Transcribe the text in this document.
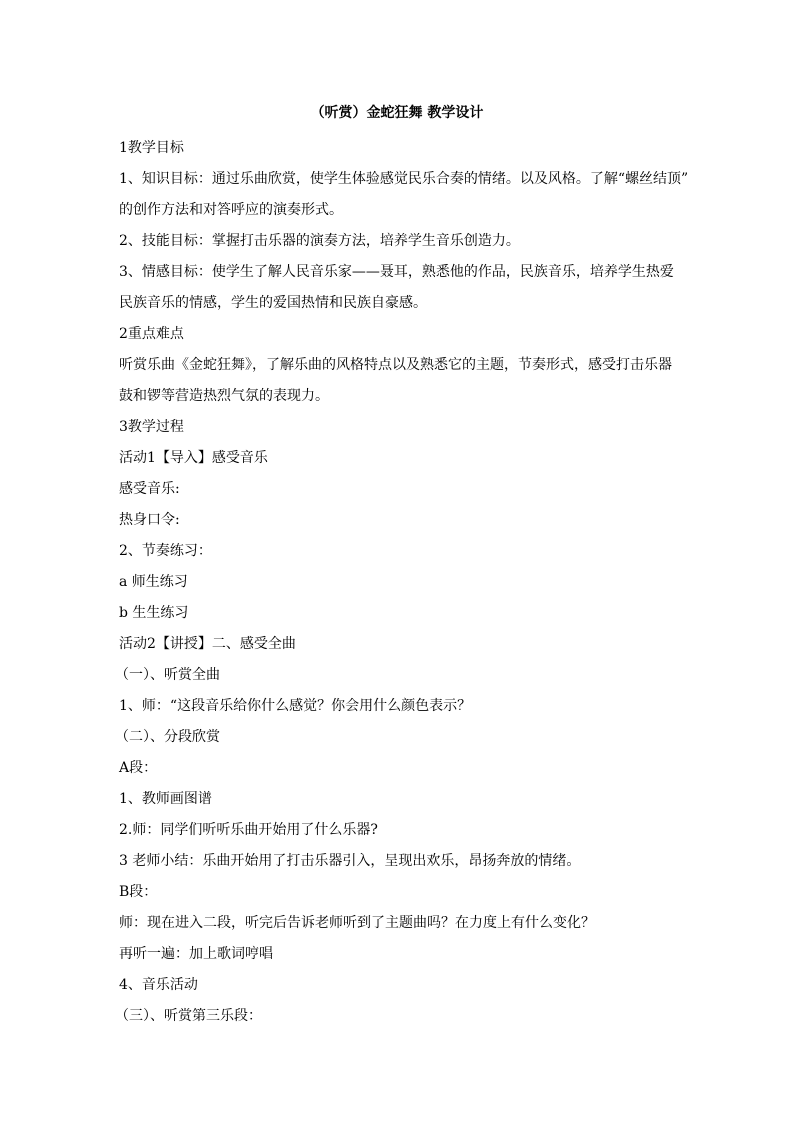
（听赏）金蛇狂舞 教学设计

1教学目标

1、知识目标：通过乐曲欣赏，使学生体验感觉民乐合奏的情绪。以及风格。了解“螺丝结顶”

的创作方法和对答呼应的演奏形式。

2、技能目标：掌握打击乐器的演奏方法，培养学生音乐创造力。

3、情感目标：使学生了解人民音乐家——聂耳，熟悉他的作品，民族音乐，培养学生热爱

民族音乐的情感，学生的爱国热情和民族自豪感。

2重点难点

听赏乐曲《金蛇狂舞》，了解乐曲的风格特点以及熟悉它的主题，节奏形式，感受打击乐器

鼓和锣等营造热烈气氛的表现力。

3教学过程

活动1【导入】感受音乐

感受音乐:

热身口令:

2、节奏练习：

a 师生练习

b 生生练习

活动2【讲授】二、感受全曲

（一）、听赏全曲

1、师：“这段音乐给你什么感觉？你会用什么颜色表示？

（二）、分段欣赏

A段：

1、教师画图谱

2.师：同学们听听乐曲开始用了什么乐器?

3 老师小结：乐曲开始用了打击乐器引入，呈现出欢乐，昂扬奔放的情绪。

B段：

师：现在进入二段，听完后告诉老师听到了主题曲吗？在力度上有什么变化？

再听一遍：加上歌词哼唱

4、音乐活动

（三）、听赏第三乐段：
